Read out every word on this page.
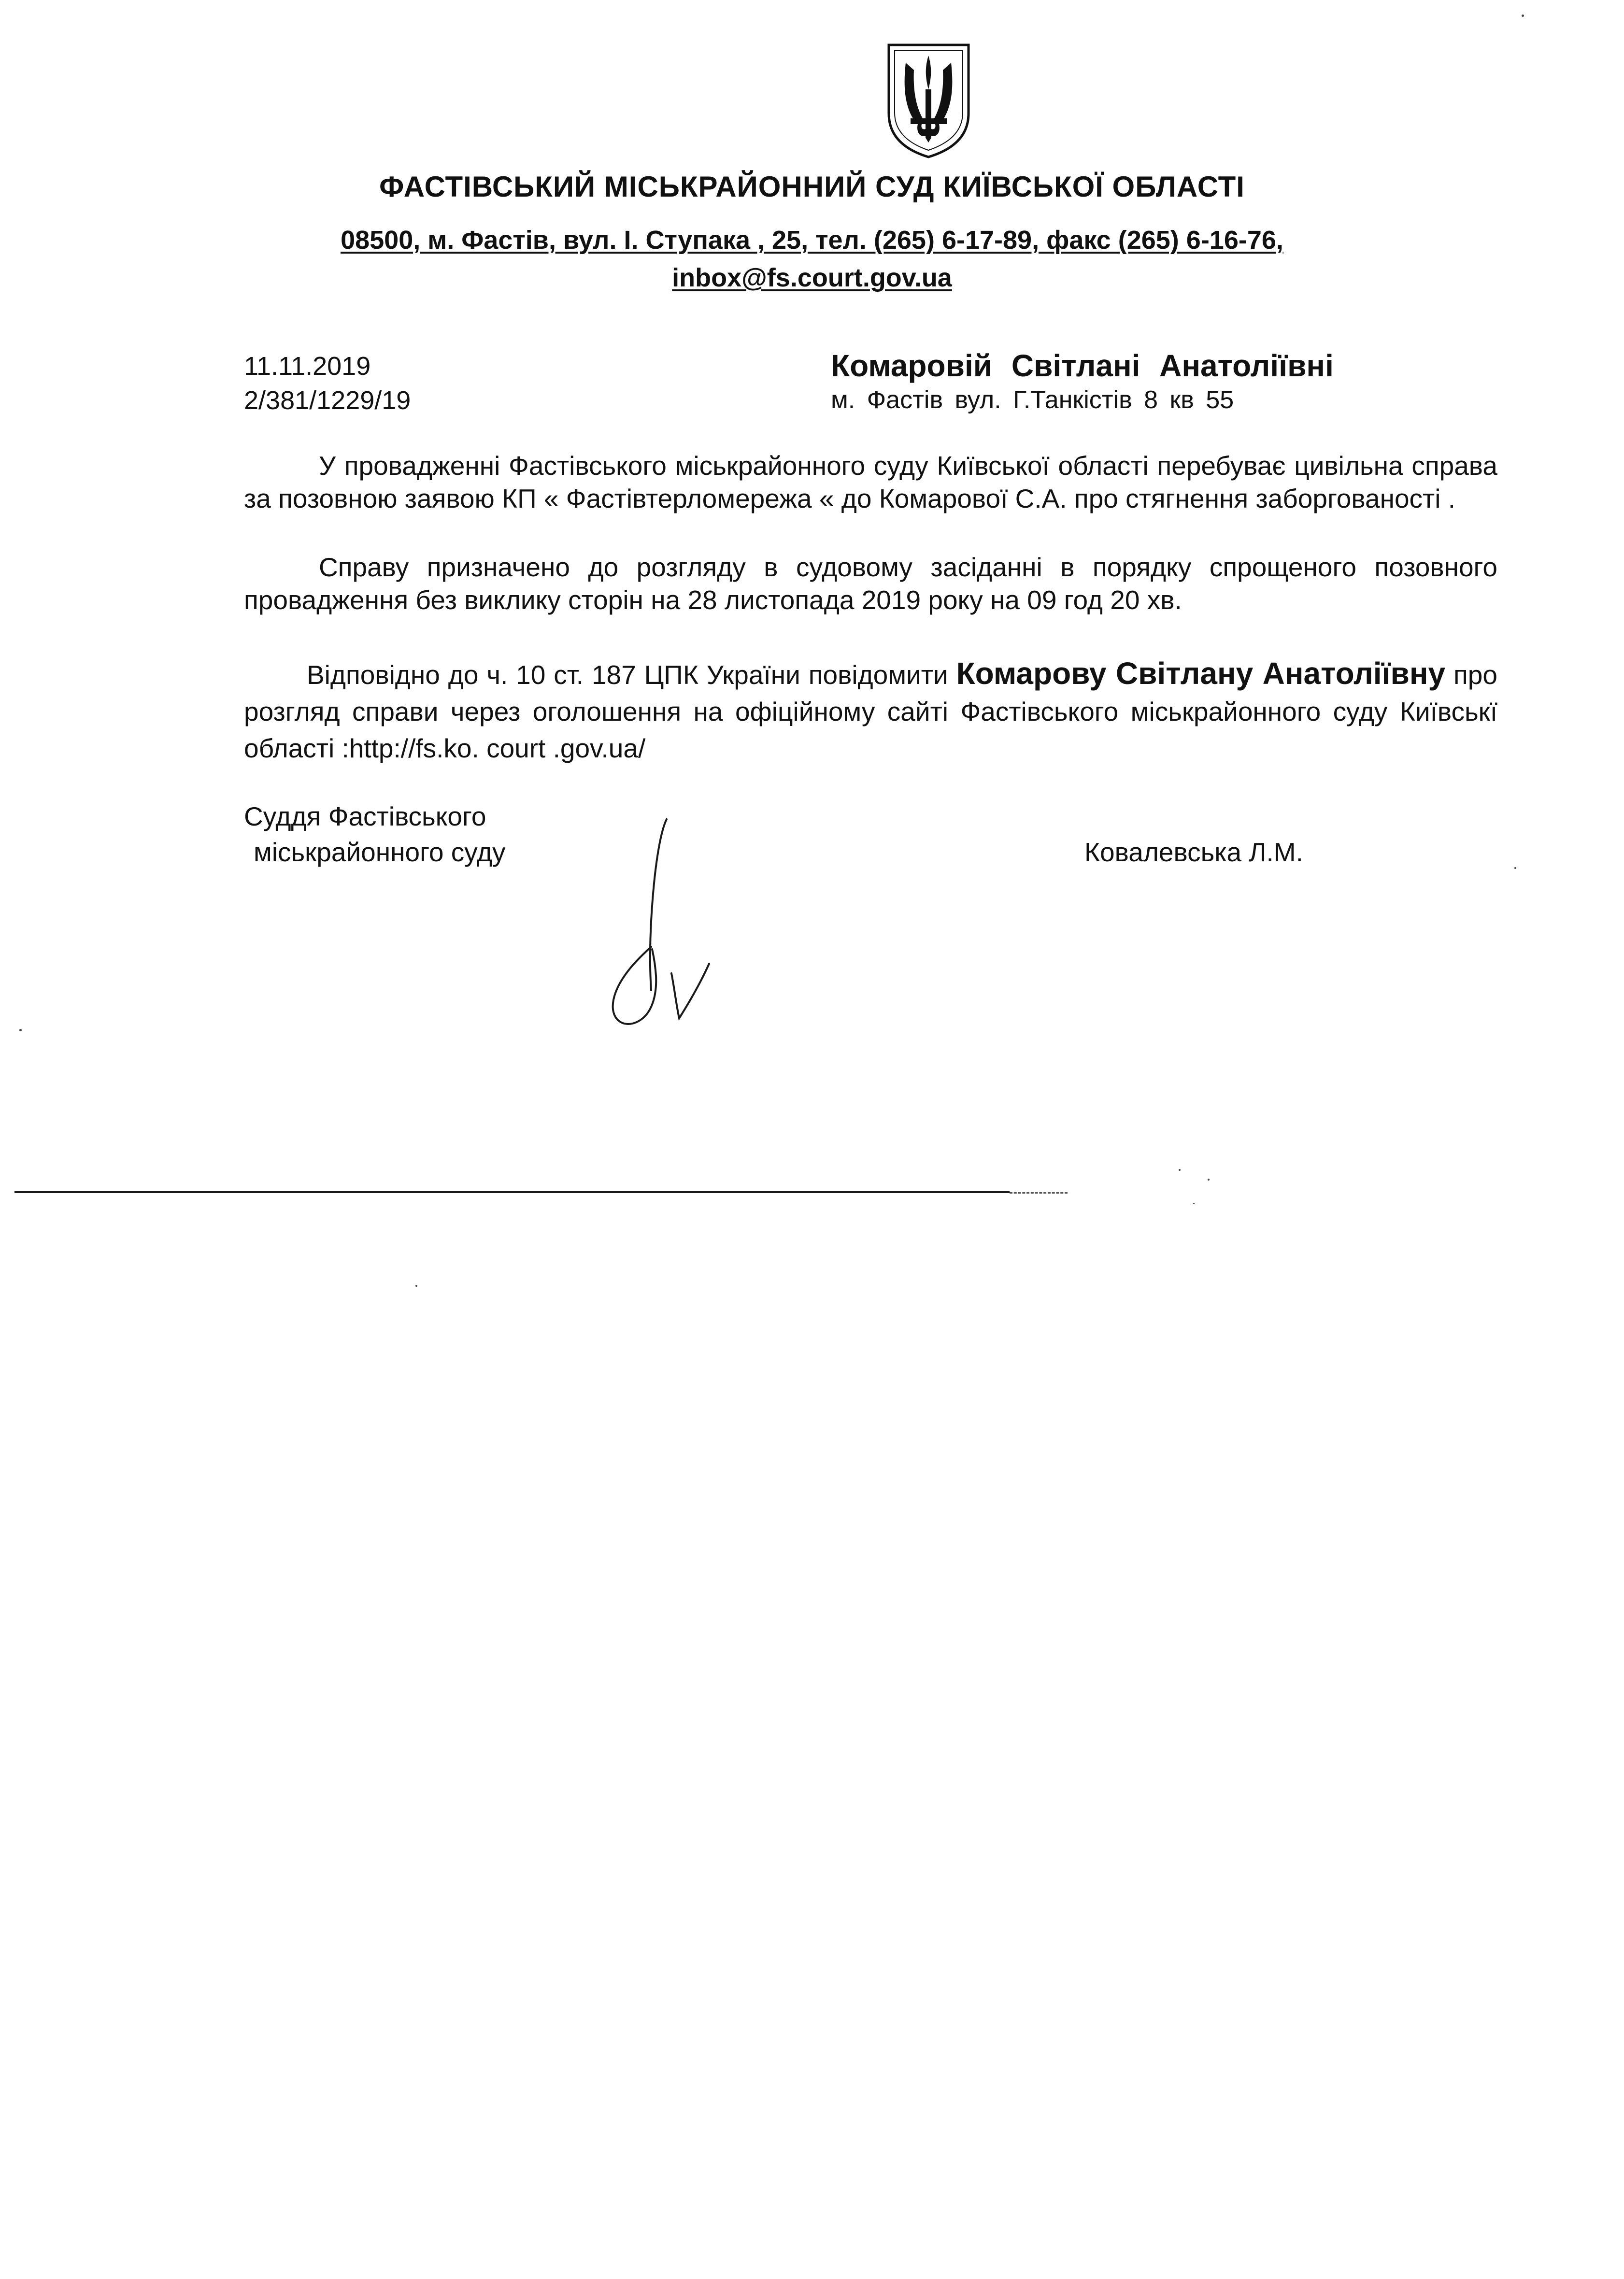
ФАСТІВСЬКИЙ МІСЬКРАЙОННИЙ СУД КИЇВСЬКОЇ ОБЛАСТІ
08500, м. Фастів, вул. І. Ступака , 25, тел. (265) 6-17-89, факс (265) 6-16-76,
inbox@fs.court.gov.ua
11.11.2019
2/381/1229/19
Комаровій Світлані Анатоліївні
м. Фастів вул. Г.Танкістів 8 кв 55
У провадженні Фастівського міськрайонного суду Київської області перебуває цивільна справа за позовною заявою КП « Фастівтерломережа « до Комарової С.А. про стягнення заборгованості .
Справу призначено до розгляду в судовому засіданні в порядку спрощеного позовного провадження без виклику сторін на 28 листопада 2019 року на 09 год 20 хв.
Відповідно до ч. 10 ст. 187 ЦПК України повідомити Комарову Світлану Анатоліївну про розгляд справи через оголошення на офіційному сайті Фастівського міськрайонного суду Київськї області :http://fs.ko. court .gov.ua/
Суддя Фастівського
міськрайонного суду	Ковалевська Л.М.
